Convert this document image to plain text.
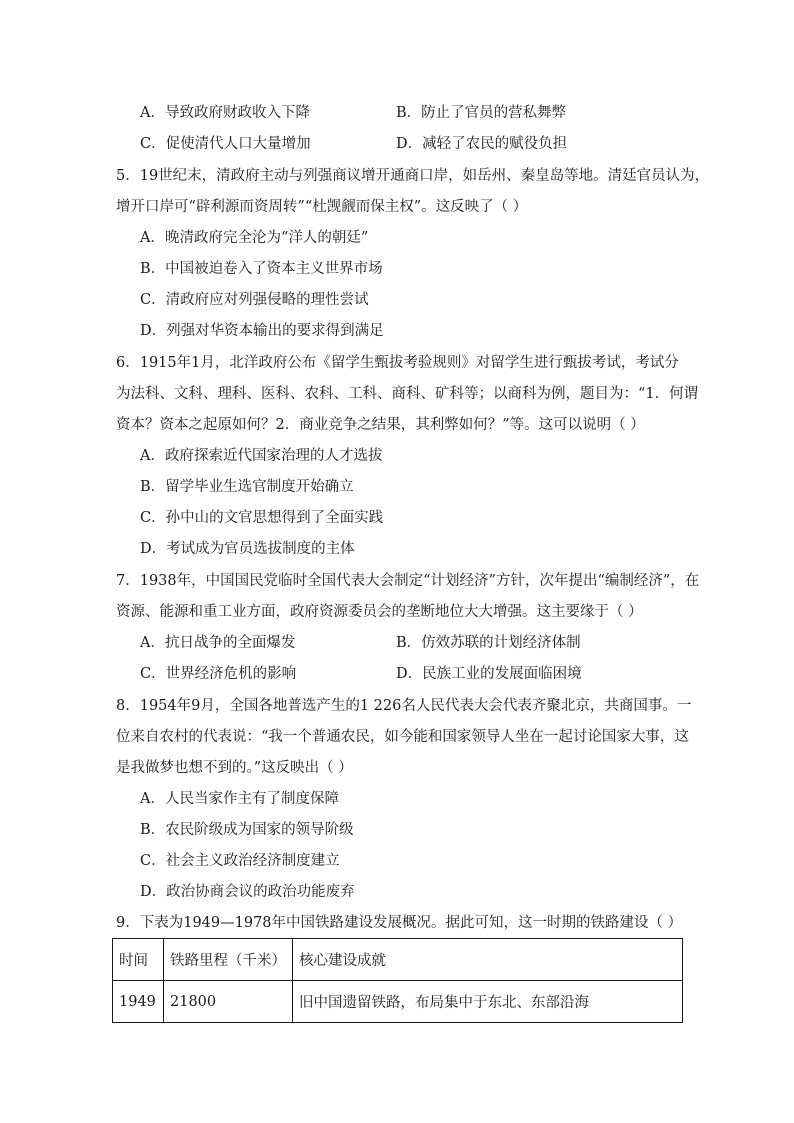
A．导致政府财政收入下降	B．防止了官员的营私舞弊
C．促使清代人口大量增加	D．减轻了农民的赋役负担
5．19世纪末，清政府主动与列强商议增开通商口岸，如岳州、秦皇岛等地。清廷官员认为，
增开口岸可“辟利源而资周转”“杜觊觎而保主权”。这反映了（ ）
A．晚清政府完全沦为“洋人的朝廷”
B．中国被迫卷入了资本主义世界市场
C．清政府应对列强侵略的理性尝试
D．列强对华资本输出的要求得到满足
6．1915年1月，北洋政府公布《留学生甄拔考验规则》对留学生进行甄拔考试，考试分
为法科、文科、理科、医科、农科、工科、商科、矿科等；以商科为例，题目为：“1．何谓
资本？资本之起原如何？2．商业竞争之结果，其利弊如何？”等。这可以说明（ ）
A．政府探索近代国家治理的人才选拔
B．留学毕业生选官制度开始确立
C．孙中山的文官思想得到了全面实践
D．考试成为官员选拔制度的主体
7．1938年，中国国民党临时全国代表大会制定“计划经济”方针，次年提出“编制经济”，在
资源、能源和重工业方面，政府资源委员会的垄断地位大大增强。这主要缘于（ ）
A．抗日战争的全面爆发	B．仿效苏联的计划经济体制
C．世界经济危机的影响	D．民族工业的发展面临困境
8．1954年9月，全国各地普选产生的1 226名人民代表大会代表齐聚北京，共商国事。一
位来自农村的代表说：“我一个普通农民，如今能和国家领导人坐在一起讨论国家大事，这
是我做梦也想不到的。”这反映出（ ）
A．人民当家作主有了制度保障
B．农民阶级成为国家的领导阶级
C．社会主义政治经济制度建立
D．政治协商会议的政治功能废弃
9．下表为1949—1978年中国铁路建设发展概况。据此可知，这一时期的铁路建设（ ）
时间	铁路里程（千米）	核心建设成就
1949	21800	旧中国遗留铁路，布局集中于东北、东部沿海
